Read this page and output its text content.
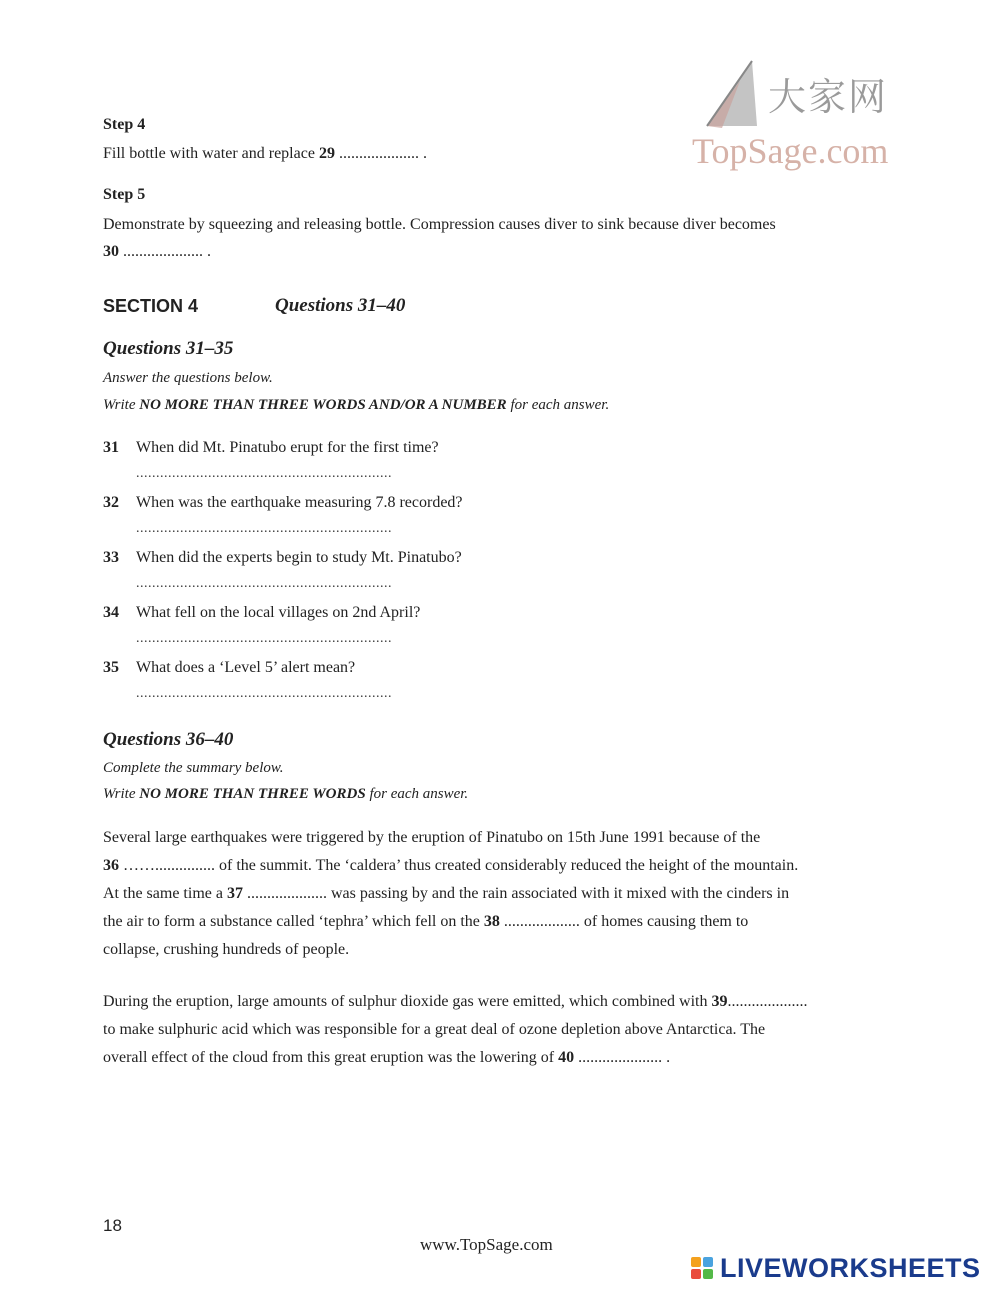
大家网
TopSage.com
Step 4
Fill bottle with water and replace 29 .................... .
Step 5
Demonstrate by squeezing and releasing bottle. Compression causes diver to sink because diver becomes
30 .................... .
SECTION 4	Questions 31–40
Questions 31–35
Answer the questions below.
Write NO MORE THAN THREE WORDS AND/OR A NUMBER for each answer.
31 When did Mt. Pinatubo erupt for the first time?
................................................................
32 When was the earthquake measuring 7.8 recorded?
................................................................
33 When did the experts begin to study Mt. Pinatubo?
................................................................
34 What fell on the local villages on 2nd April?
................................................................
35 What does a ‘Level 5’ alert mean?
................................................................
Questions 36–40
Complete the summary below.
Write NO MORE THAN THREE WORDS for each answer.
Several large earthquakes were triggered by the eruption of Pinatubo on 15th June 1991 because of the
36 ……............... of the summit. The ‘caldera’ thus created considerably reduced the height of the mountain.
At the same time a 37 .................... was passing by and the rain associated with it mixed with the cinders in
the air to form a substance called ‘tephra’ which fell on the 38 ................... of homes causing them to
collapse, crushing hundreds of people.
During the eruption, large amounts of sulphur dioxide gas were emitted, which combined with 39....................
to make sulphuric acid which was responsible for a great deal of ozone depletion above Antarctica. The
overall effect of the cloud from this great eruption was the lowering of 40 ..................... .
18
www.TopSage.com
LIVEWORKSHEETS
